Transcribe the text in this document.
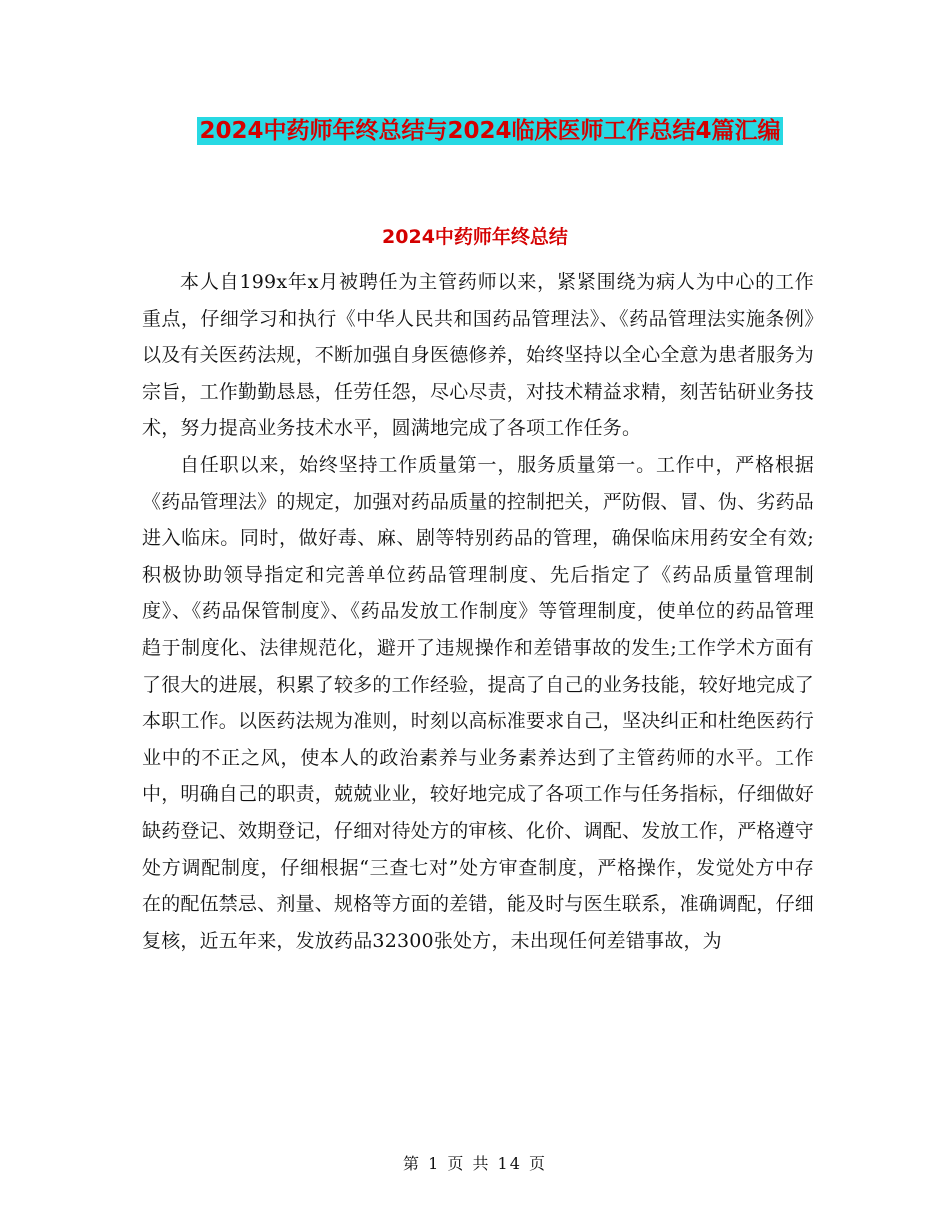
2024中药师年终总结与2024临床医师工作总结4篇汇编
2024中药师年终总结

本人自199x年x月被聘任为主管药师以来，紧紧围绕为病人为中心的工作重点，仔细学习和执行《中华人民共和国药品管理法》、《药品管理法实施条例》以及有关医药法规，不断加强自身医德修养，始终坚持以全心全意为患者服务为宗旨，工作勤勤恳恳，任劳任怨，尽心尽责，对技术精益求精，刻苦钻研业务技术，努力提高业务技术水平，圆满地完成了各项工作任务。

自任职以来，始终坚持工作质量第一，服务质量第一。工作中，严格根据《药品管理法》的规定，加强对药品质量的控制把关，严防假、冒、伪、劣药品进入临床。同时，做好毒、麻、剧等特别药品的管理，确保临床用药安全有效;积极协助领导指定和完善单位药品管理制度、先后指定了《药品质量管理制度》、《药品保管制度》、《药品发放工作制度》等管理制度，使单位的药品管理趋于制度化、法律规范化，避开了违规操作和差错事故的发生;工作学术方面有了很大的进展，积累了较多的工作经验，提高了自己的业务技能，较好地完成了本职工作。以医药法规为准则，时刻以高标准要求自己，坚决纠正和杜绝医药行业中的不正之风，使本人的政治素养与业务素养达到了主管药师的水平。工作中，明确自己的职责，兢兢业业，较好地完成了各项工作与任务指标，仔细做好缺药登记、效期登记，仔细对待处方的审核、化价、调配、发放工作，严格遵守处方调配制度，仔细根据“三查七对”处方审查制度，严格操作，发觉处方中存在的配伍禁忌、剂量、规格等方面的差错，能及时与医生联系，准确调配，仔细复核，近五年来，发放药品32300张处方，未出现任何差错事故，为

第 1 页 共 14 页
